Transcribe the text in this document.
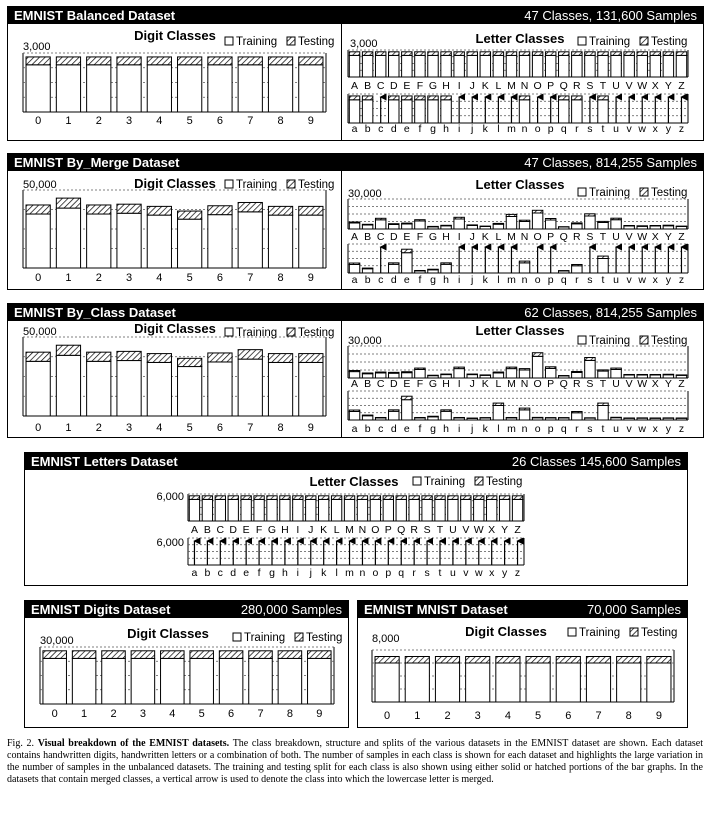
EMNIST Balanced Dataset	47 Classes, 131,600 Samples
EMNIST By_Merge Dataset	47 Classes, 814,255 Samples
EMNIST By_Class Dataset	62 Classes, 814,255 Samples
EMNIST Letters Dataset	26 Classes 145,600 Samples
EMNIST Digits Dataset	280,000 Samples EMNIST MNIST Dataset	70,000 Samples
0 1 2 3 4 5 6 7 8 9
3,000
Digit Classes Training Testing
A B C D E F G H I J K L M N O P Q R S T U V W X Y Z
3,000	Letter Classes Training Testing
a b c d e f g h i j k l m n o p q r s t u v w x y z
0 1 2 3 4 5 6 7 8 9
50,000	Digit Classes Training Testing
A B C D E F G H I J K L M N O P Q R S T U V W X Y Z
30,000
Letter Classes
Training Testing
a b c d e f g h i j k l m n o p q r s t u v w x y z
0 1 2 3 4 5 6 7 8 9
50,000	Digit Classes Training Testing
A B C D E F G H I J K L M N O P Q R S T U V W X Y Z
30,000
Letter Classes
Training Testing
a b c d e f g h i j k l m n o p q r s t u v w x y z
A B C D E F G H I J K L M N O P Q R S T U V W X Y Z
6,000
Letter Classes Training Testing
a b c d e f g h i j k l m n o p q r s t u v w x y z
6,000
0 1 2 3 4 5 6 7 8 9
30,000	Digit Classes	Training Testing
0 1 2 3 4 5 6 7 8 9
8,000	Digit Classes	Training Testing
Fig. 2. Visual breakdown of the EMNIST datasets. The class breakdown, structure and splits of the various datasets in the EMNIST dataset are shown. Each dataset contains handwritten digits, handwritten letters or a combination of both. The number of samples in each class is shown for each dataset and highlights the large variation in the number of samples in the unbalanced datasets. The training and testing split for each class is also shown using either solid or hatched portions of the bar graphs. In the datasets that contain merged classes, a vertical arrow is used to denote the class into which the lowercase letter is merged.
